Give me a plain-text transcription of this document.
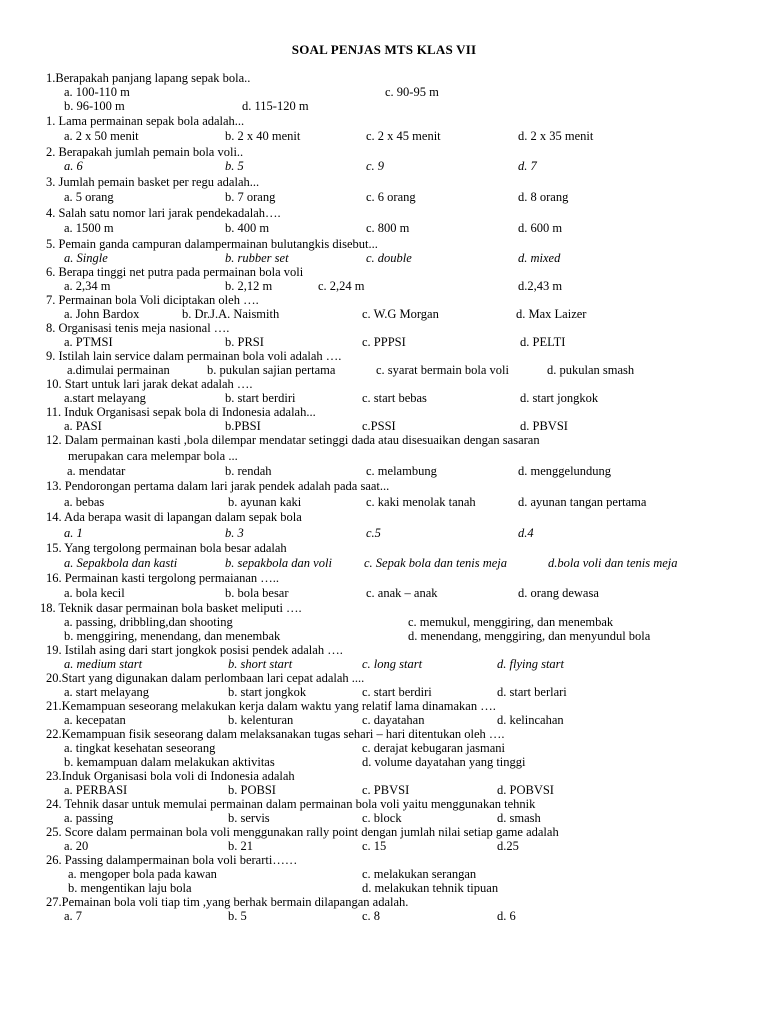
SOAL PENJAS MTS KLAS VII
1.Berapakah panjang lapang sepak bola..
a. 100-110 m	c. 90-95 m
b. 96-100 m	d. 115-120 m
1. Lama permainan sepak bola adalah...
a. 2 x 50 menit	b. 2 x 40 menit	c. 2 x 45 menit	d. 2 x 35 menit
2. Berapakah jumlah pemain bola voli..
a. 6	b. 5	c. 9	d. 7
3. Jumlah pemain basket per regu adalah...
a. 5 orang	b. 7 orang	c. 6 orang	d. 8 orang
4. Salah satu nomor lari jarak pendekadalah….
a. 1500 m	b. 400 m	c. 800 m	d. 600 m
5. Pemain ganda campuran dalampermainan bulutangkis disebut...
a. Single	b. rubber set	c. double	d. mixed
6. Berapa tinggi net putra pada permainan bola voli
a. 2,34 m	b. 2,12 m	c. 2,24 m	d.2,43 m
7. Permainan bola Voli diciptakan oleh ….
a. John Bardox	b. Dr.J.A. Naismith	c. W.G Morgan	d. Max Laizer
8. Organisasi tenis meja nasional ….
a. PTMSI	b. PRSI	c. PPPSI	d. PELTI
9. Istilah lain service dalam permainan bola voli adalah ….
a.dimulai permainan	b. pukulan sajian pertama	c. syarat bermain bola voli	d. pukulan smash
10. Start untuk lari jarak dekat adalah ….
a.start melayang	b. start berdiri	c. start bebas	d. start jongkok
11. Induk Organisasi sepak bola di Indonesia adalah...
a. PASI	b.PBSI	c.PSSI	d. PBVSI
12. Dalam permainan kasti ,bola dilempar mendatar setinggi dada atau disesuaikan dengan sasaran
merupakan cara melempar bola ...
a. mendatar	b. rendah	c. melambung	d. menggelundung
13. Pendorongan pertama dalam lari jarak pendek adalah pada saat...
a. bebas	b. ayunan kaki	c. kaki menolak tanah	d. ayunan tangan pertama
14. Ada berapa wasit di lapangan dalam sepak bola
a. 1	b. 3	c.5	d.4
15. Yang tergolong permainan bola besar adalah
a. Sepakbola dan kasti	b. sepakbola dan voli	c. Sepak bola dan tenis meja	d.bola voli dan tenis meja
16. Permainan kasti tergolong permaianan …..
a. bola kecil	b. bola besar	c. anak – anak	d. orang dewasa
18. Teknik dasar permainan bola basket meliputi ….
a. passing, dribbling,dan shooting	c. memukul, menggiring, dan menembak
b. menggiring, menendang, dan menembak	d. menendang, menggiring, dan menyundul bola
19. Istilah asing dari start jongkok posisi pendek adalah ….
a. medium start	b. short start	c. long start	d. flying start
20.Start yang digunakan dalam perlombaan lari cepat adalah ....
a. start melayang	b. start jongkok	c. start berdiri	d. start berlari
21.Kemampuan seseorang melakukan kerja dalam waktu yang relatif lama dinamakan ….
a. kecepatan	b. kelenturan	c. dayatahan	d. kelincahan
22.Kemampuan fisik seseorang dalam melaksanakan tugas sehari – hari ditentukan oleh ….
a. tingkat kesehatan seseorang	c. derajat kebugaran jasmani
b. kemampuan dalam melakukan aktivitas	d. volume dayatahan yang tinggi
23.Induk Organisasi bola voli di Indonesia adalah
a. PERBASI	b. POBSI	c. PBVSI	d. POBVSI
24. Tehnik dasar untuk memulai permainan dalam permainan bola voli yaitu menggunakan tehnik
a. passing	b. servis	c. block	d. smash
25. Score dalam permainan bola voli menggunakan rally point dengan jumlah nilai setiap game adalah
a. 20	b. 21	c. 15	d.25
26. Passing dalampermainan bola voli berarti……
a. mengoper bola pada kawan	c. melakukan serangan
b. mengentikan laju bola	d. melakukan tehnik tipuan
27.Pemainan bola voli tiap tim ,yang berhak bermain dilapangan adalah.
a. 7	b. 5	c. 8	d. 6
